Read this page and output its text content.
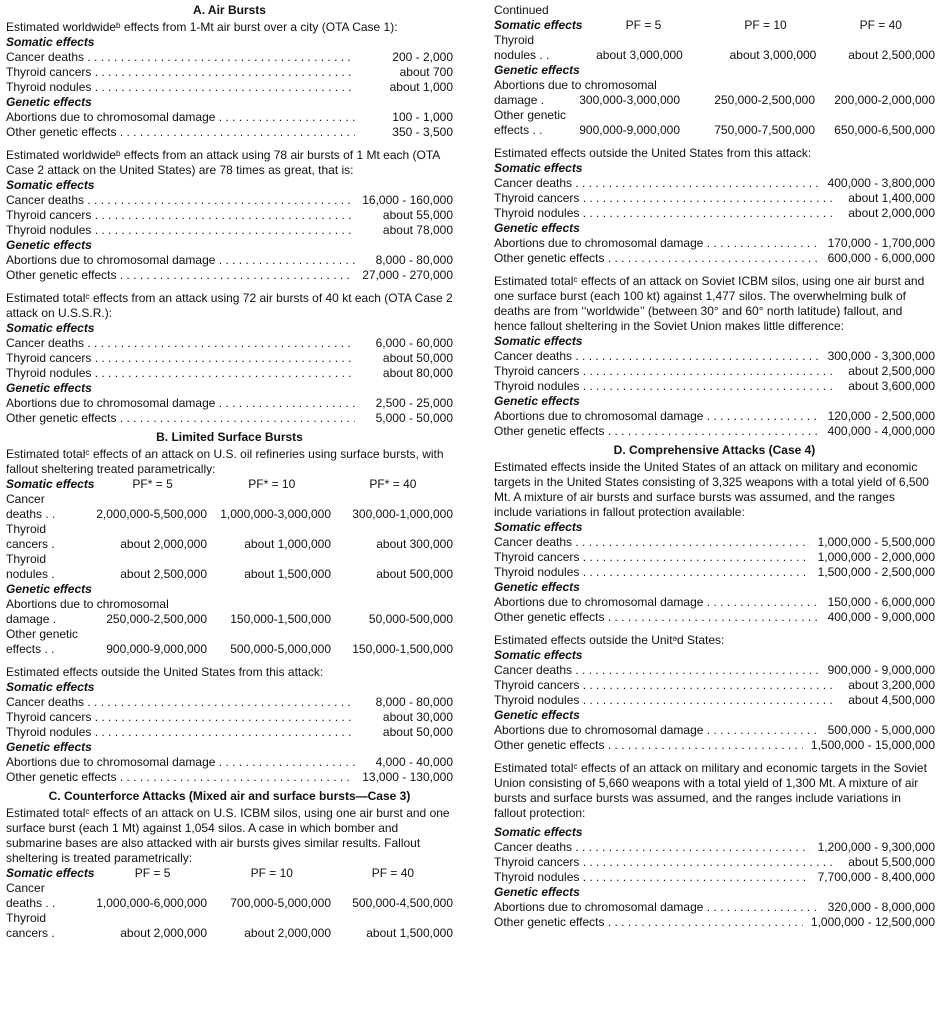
A. Air Bursts
Estimated worldwideᵇ effects from 1-Mt air burst over a city (OTA Case 1):
Somatic effects
Cancer deaths . . .	200 - 2,000
Thyroid cancers . . .	about 700
Thyroid nodules . . .	about 1,000
Genetic effects
Abortions due to chromosomal damage . . .	100 - 1,000
Other genetic effects . . .	350 - 3,500
Estimated worldwideᵇ effects from an attack using 78 air bursts of 1 Mt each (OTA Case 2 attack on the United States) are 78 times as great, that is:
Somatic effects
Cancer deaths . . .	16,000 - 160,000
Thyroid cancers . . .	about 55,000
Thyroid nodules . . .	about 78,000
Genetic effects
Abortions due to chromosomal damage . . .	8,000 - 80,000
Other genetic effects . . .	27,000 - 270,000
Estimated totalᶜ effects from an attack using 72 air bursts of 40 kt each (OTA Case 2 attack on U.S.S.R.):
Somatic effects
Cancer deaths . . .	6,000 - 60,000
Thyroid cancers . . .	about 50,000
Thyroid nodules . . .	about 80,000
Genetic effects
Abortions due to chromosomal damage . . .	2,500 - 25,000
Other genetic effects . . .	5,000 - 50,000
B. Limited Surface Bursts
Estimated totalᶜ effects of an attack on U.S. oil refineries using surface bursts, with fallout sheltering treated parametrically:
Somatic effects	PF* = 5	PF* = 10	PF* = 40
Cancer
deaths . .	2,000,000-5,500,000	1,000,000-3,000,000	300,000-1,000,000
Thyroid
cancers .	about 2,000,000	about 1,000,000	about 300,000
Thyroid
nodules .	about 2,500,000	about 1,500,000	about 500,000
Genetic effects
Abortions due to chromosomal
damage .	250,000-2,500,000	150,000-1,500,000	50,000-500,000
Other genetic
effects . .	900,000-9,000,000	500,000-5,000,000	150,000-1,500,000
Estimated effects outside the United States from this attack:
Somatic effects
Cancer deaths . . .	8,000 - 80,000
Thyroid cancers . . .	about 30,000
Thyroid nodules . . .	about 50,000
Genetic effects
Abortions due to chromosomal damage . . .	4,000 - 40,000
Other genetic effects . . .	13,000 - 130,000
C. Counterforce Attacks (Mixed air and surface bursts—Case 3)
Estimated totalᶜ effects of an attack on U.S. ICBM silos, using one air burst and one surface burst (each 1 Mt) against 1,054 silos. A case in which bomber and submarine bases are also attacked with air bursts gives similar results. Fallout sheltering is treated parametrically:
Somatic effects	PF = 5	PF = 10	PF = 40
Cancer
deaths . .	1,000,000-6,000,000	700,000-5,000,000	500,000-4,500,000
Thyroid
cancers .	about 2,000,000	about 2,000,000	about 1,500,000
Continued
Somatic effects	PF = 5	PF = 10	PF = 40
Thyroid
nodules . .	about 3,000,000	about 3,000,000	about 2,500,000
Genetic effects
Abortions due to chromosomal
damage .	300,000-3,000,000	250,000-2,500,000	200,000-2,000,000
Other genetic
effects . .	900,000-9,000,000	750,000-7,500,000	650,000-6,500,000
Estimated effects outside the United States from this attack:
Somatic effects
Cancer deaths . . .	400,000 - 3,800,000
Thyroid cancers . . .	about 1,400,000
Thyroid nodules . . .	about 2,000,000
Genetic effects
Abortions due to chromosomal damage . . .	170,000 - 1,700,000
Other genetic effects . . .	600,000 - 6,000,000
Estimated totalᶜ effects of an attack on Soviet ICBM silos, using one air burst and one surface burst (each 100 kt) against 1,477 silos. The overwhelming bulk of deaths are from ‘‘worldwide’’ (between 30° and 60° north latitude) fallout, and hence fallout sheltering in the Soviet Union makes little difference:
Somatic effects
Cancer deaths . . .	300,000 - 3,300,000
Thyroid cancers . . .	about 2,500,000
Thyroid nodules . . .	about 3,600,000
Genetic effects
Abortions due to chromosomal damage . . .	120,000 - 2,500,000
Other genetic effects . . .	400,000 - 4,000,000
D. Comprehensive Attacks (Case 4)
Estimated effects inside the United States of an attack on military and economic targets in the United States consisting of 3,325 weapons with a total yield of 6,500 Mt. A mixture of air bursts and surface bursts was assumed, and the ranges include variations in fallout protection available:
Somatic effects
Cancer deaths . . .	1,000,000 - 5,500,000
Thyroid cancers . . .	1,000,000 - 2,000,000
Thyroid nodules . . .	1,500,000 - 2,500,000
Genetic effects
Abortions due to chromosomal damage . . .	150,000 - 6,000,000
Other genetic effects . . .	400,000 - 9,000,000
Estimated effects outside the Unitᵊd States:
Somatic effects
Cancer deaths . . .	900,000 - 9,000,000
Thyroid cancers . . .	about 3,200,000
Thyroid nodules . . .	about 4,500,000
Genetic effects
Abortions due to chromosomal damage . . .	500,000 - 5,000,000
Other genetic effects . . .	1,500,000 - 15,000,000
Estimated totalᶜ effects of an attack on military and economic targets in the Soviet Union consisting of 5,660 weapons with a total yield of 1,300 Mt. A mixture of air bursts and surface bursts was assumed, and the ranges include variations in fallout protection:
Somatic effects
Cancer deaths . . .	1,200,000 - 9,300,000
Thyroid cancers . . .	about 5,500,000
Thyroid nodules . . .	7,700,000 - 8,400,000
Genetic effects
Abortions due to chromosomal damage . . .	320,000 - 8,000,000
Other genetic effects . . .	1,000,000 - 12,500,000
